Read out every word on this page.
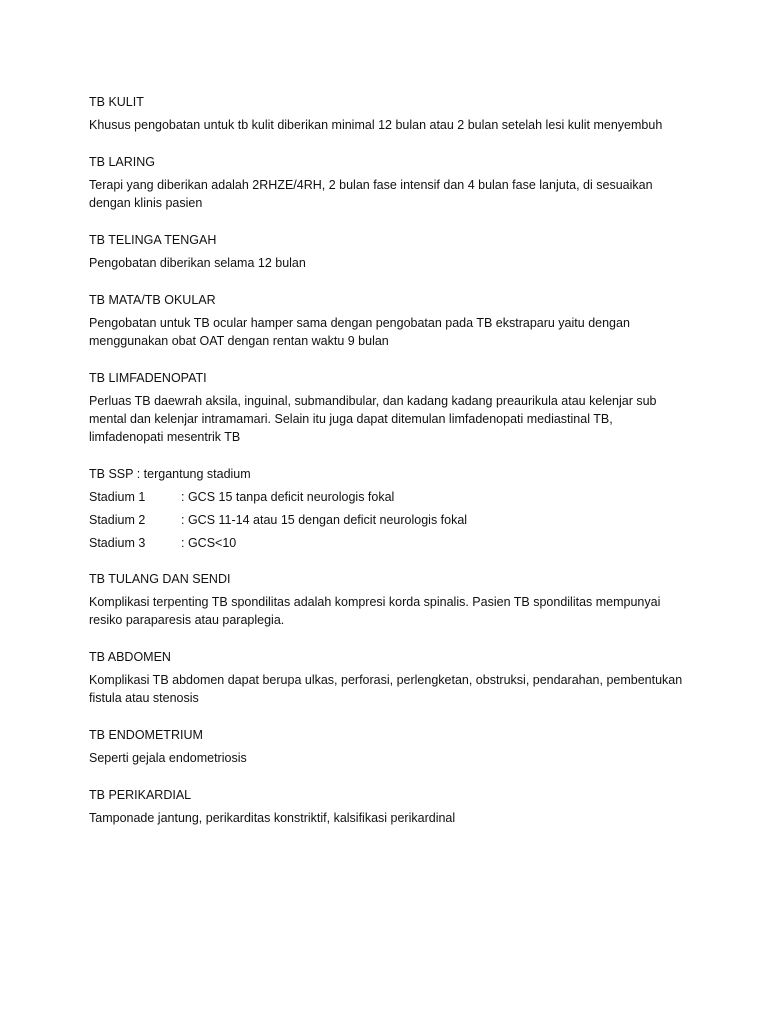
TB KULIT

Khusus pengobatan untuk tb kulit diberikan minimal 12 bulan atau 2 bulan setelah lesi kulit menyembuh

TB LARING

Terapi yang diberikan adalah 2RHZE/4RH, 2 bulan fase intensif dan 4 bulan fase lanjuta, di sesuaikan dengan klinis pasien

TB TELINGA TENGAH

Pengobatan diberikan selama 12 bulan

TB MATA/TB OKULAR

Pengobatan untuk TB ocular hamper sama dengan pengobatan pada TB ekstraparu yaitu dengan menggunakan obat OAT dengan rentan waktu 9 bulan

TB LIMFADENOPATI

Perluas TB daewrah aksila, inguinal, submandibular, dan kadang kadang preaurikula atau kelenjar sub mental dan kelenjar intramamari. Selain itu juga dapat ditemulan limfadenopati mediastinal TB, limfadenopati mesentrik TB

TB SSP : tergantung stadium

Stadium 1	: GCS 15 tanpa deficit neurologis fokal
Stadium 2	: GCS 11-14 atau 15 dengan deficit neurologis fokal
Stadium 3	: GCS<10

TB TULANG DAN SENDI

Komplikasi terpenting TB spondilitas adalah kompresi korda spinalis. Pasien TB spondilitas mempunyai resiko paraparesis atau paraplegia.

TB ABDOMEN

Komplikasi TB abdomen dapat berupa ulkas, perforasi, perlengketan, obstruksi, pendarahan, pembentukan fistula atau stenosis

TB ENDOMETRIUM

Seperti gejala endometriosis

TB PERIKARDIAL

Tamponade jantung, perikarditas konstriktif, kalsifikasi perikardinal
